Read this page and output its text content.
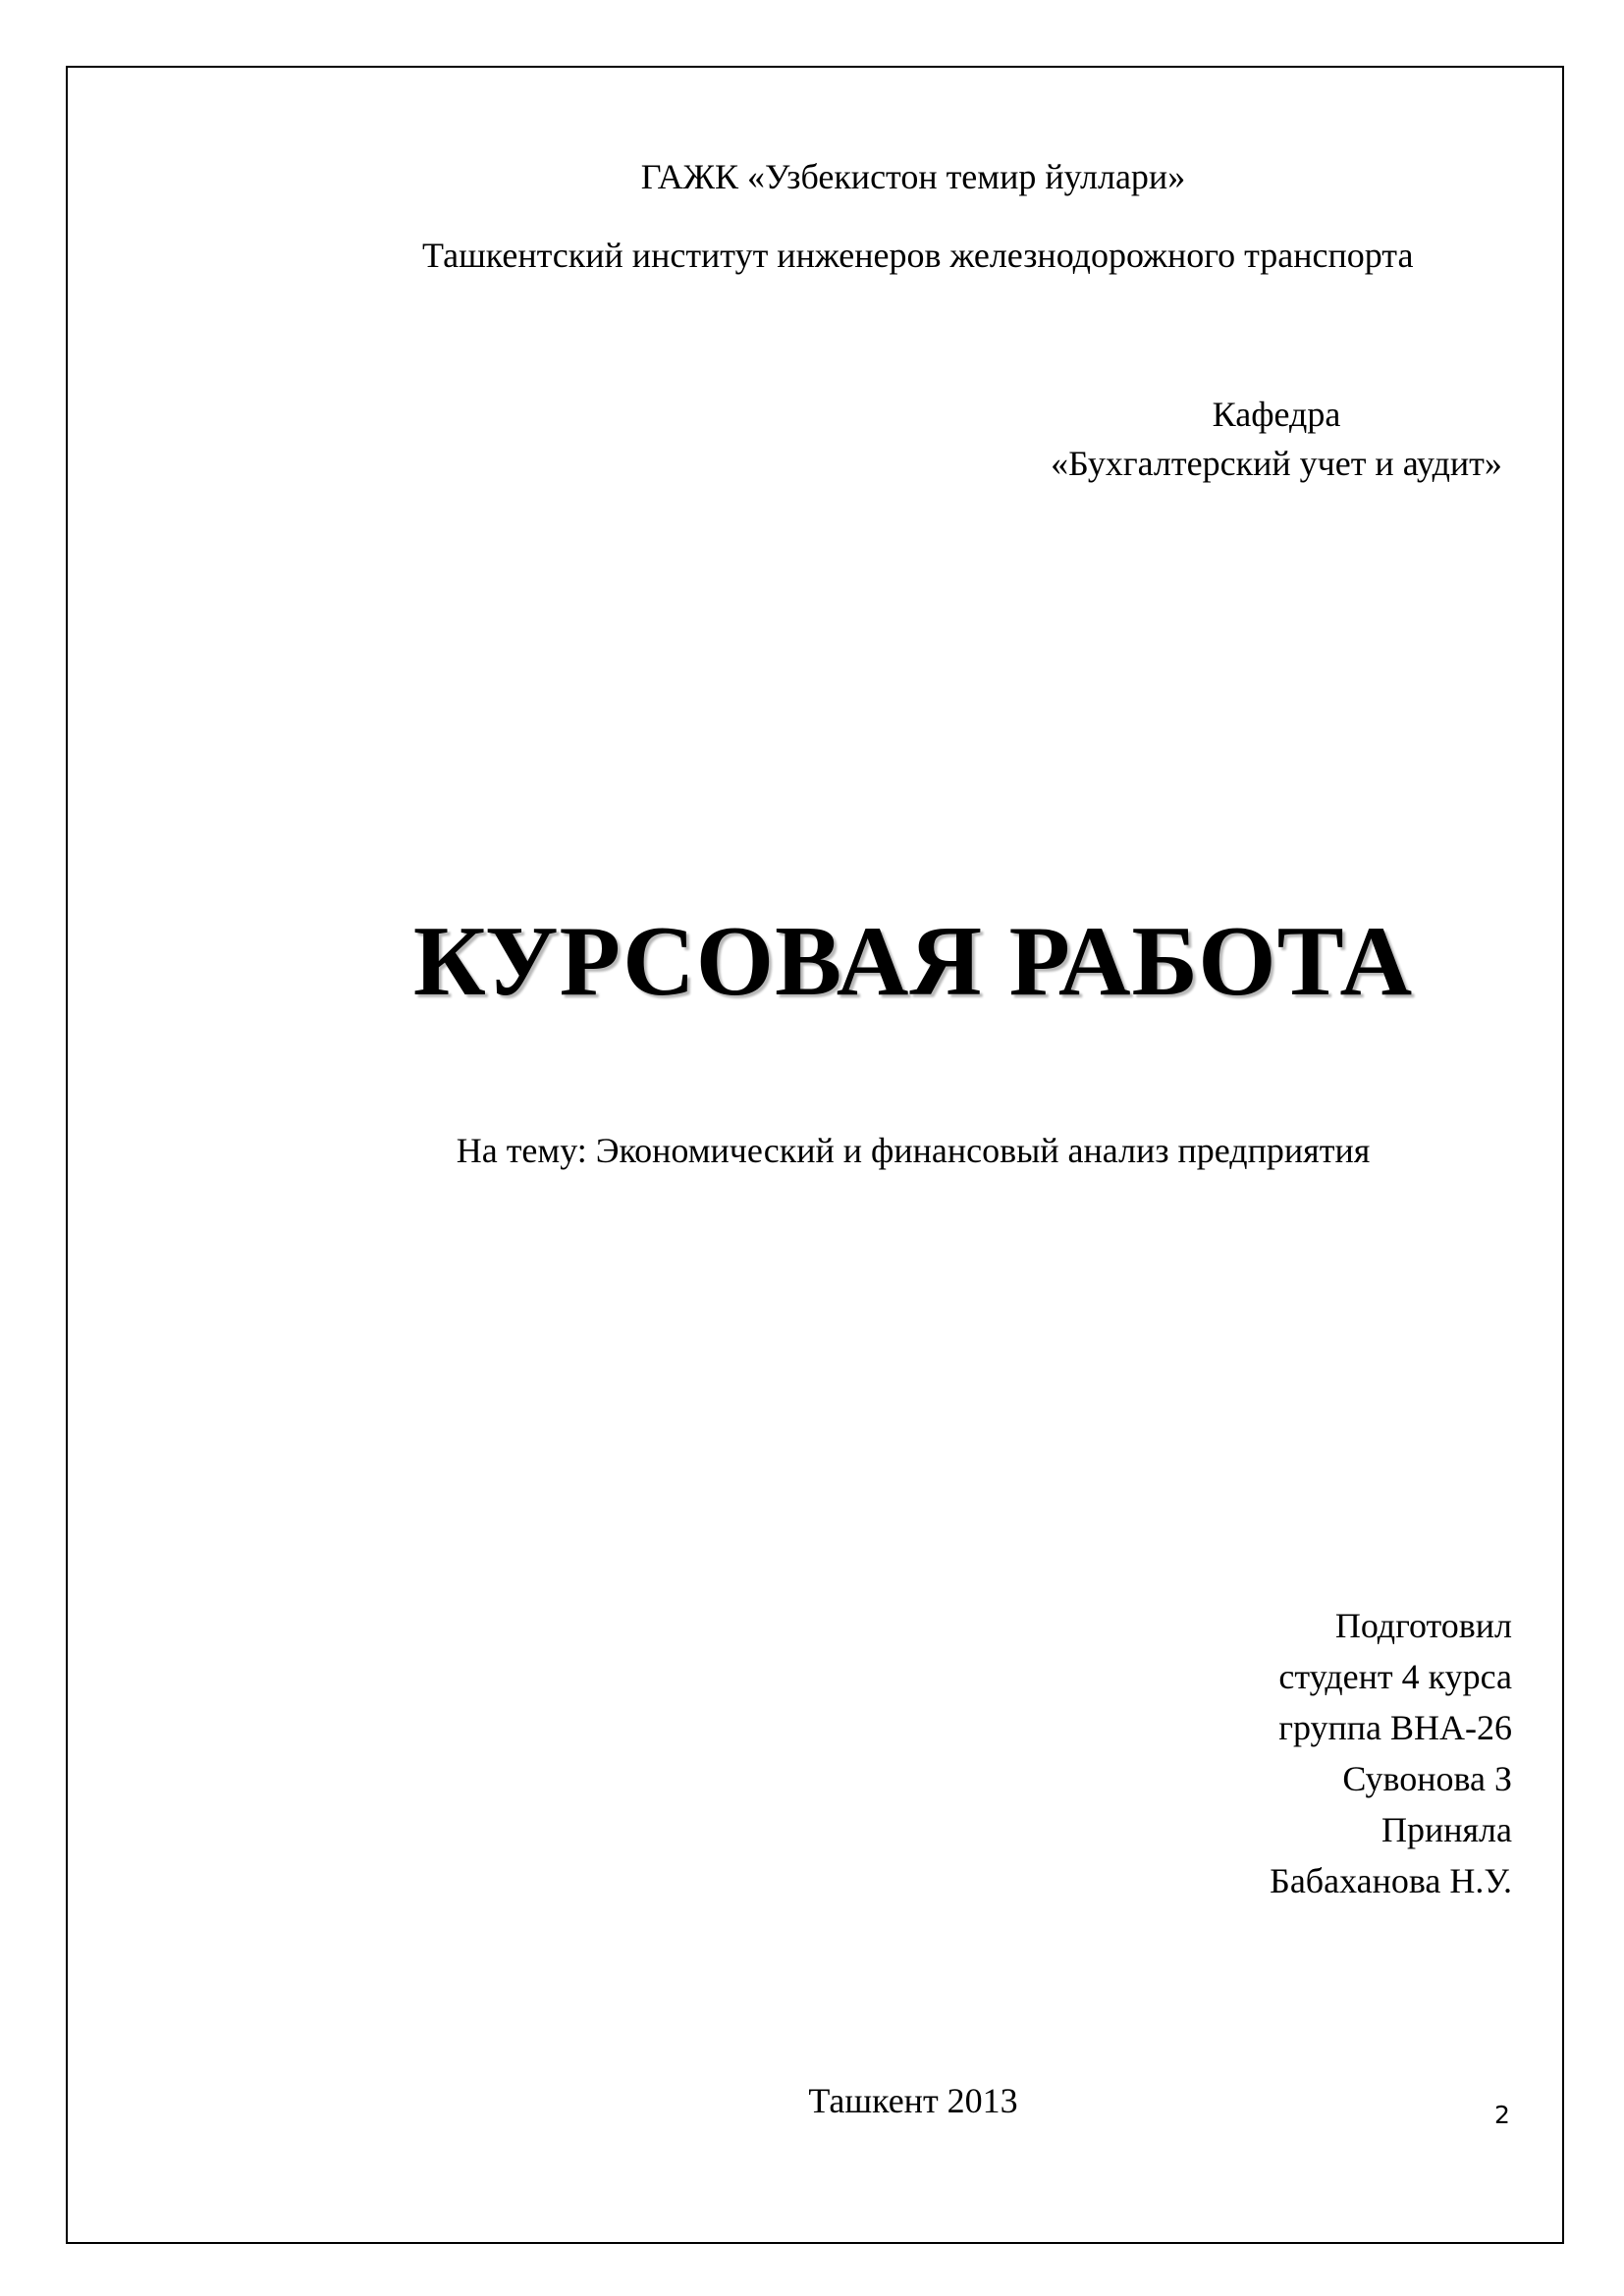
ГАЖК «Узбекистон темир йуллари»
Ташкентский институт инженеров железнодорожного транспорта
Кафедра
«Бухгалтерский учет и аудит»
КУРСОВАЯ РАБОТА
На тему: Экономический и финансовый анализ предприятия
Подготовил
студент 4 курса
группа ВНА-26
Сувонова З
Приняла
Бабаханова Н.У.
Ташкент 2013	2
